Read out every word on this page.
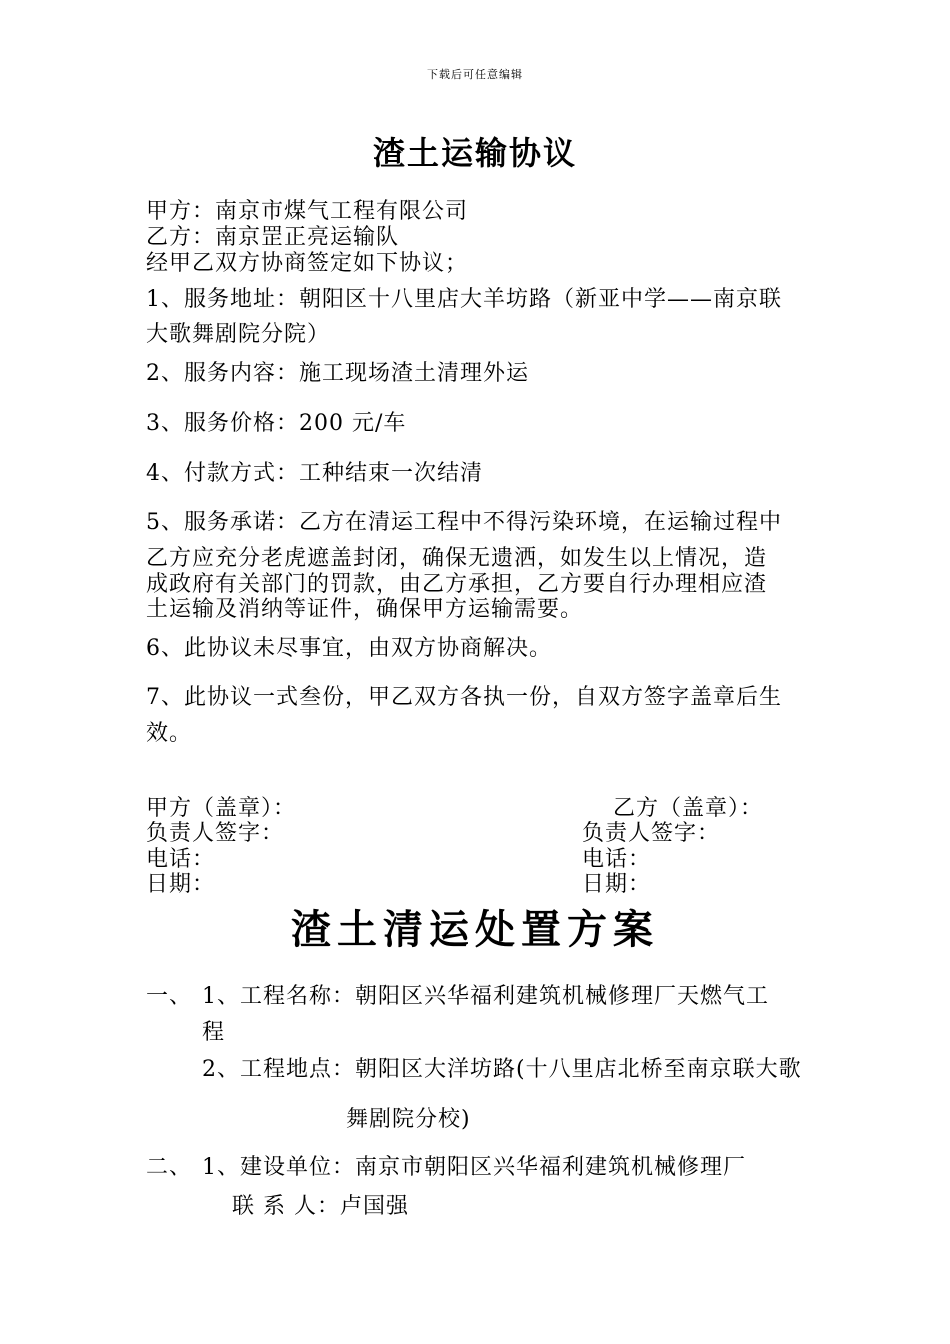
下载后可任意编辑
渣土运输协议
甲方：南京市煤气工程有限公司
乙方：南京罡正亮运输队
经甲乙双方协商签定如下协议；
1、服务地址：朝阳区十八里店大羊坊路（新亚中学——南京联
大歌舞剧院分院）
2、服务内容：施工现场渣土清理外运
3、服务价格：200 元/车
4、付款方式：工种结束一次结清
5、服务承诺：乙方在清运工程中不得污染环境，在运输过程中
乙方应充分老虎遮盖封闭，确保无遗洒，如发生以上情况，造
成政府有关部门的罚款，由乙方承担，乙方要自行办理相应渣
土运输及消纳等证件，确保甲方运输需要。
6、此协议未尽事宜，由双方协商解决。
7、此协议一式叁份，甲乙双方各执一份，自双方签字盖章后生
效。
甲方（盖章）：
负责人签字：
电话：
日期：
乙方（盖章）：
负责人签字：
电话：
日期：
渣土清运处置方案
一、 1、工程名称：朝阳区兴华福利建筑机械修理厂天燃气工
程
2、工程地点：朝阳区大洋坊路(十八里店北桥至南京联大歌
舞剧院分校)
二、 1、建设单位：南京市朝阳区兴华福利建筑机械修理厂
联 系 人：卢国强
